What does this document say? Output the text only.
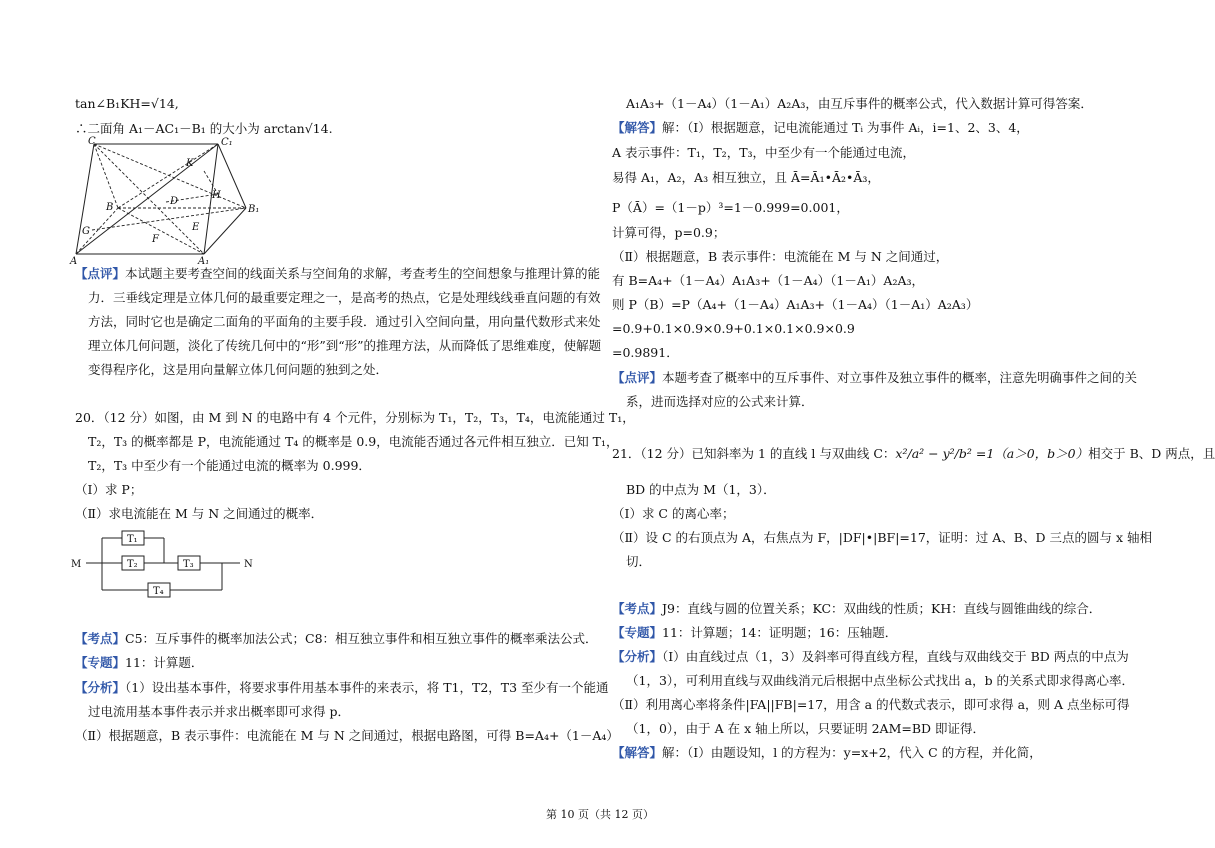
tan∠B₁KH=√14,
∴二面角 A₁－AC₁－B₁ 的大小为 arctan√14.
C	C₁
K
H
B
D
B₁
G	E
F
A	A₁
【点评】本试题主要考查空间的线面关系与空间角的求解，考查考生的空间想象与推理计算的能
力．三垂线定理是立体几何的最重要定理之一，是高考的热点，它是处理线线垂直问题的有效
方法，同时它也是确定二面角的平面角的主要手段．通过引入空间向量，用向量代数形式来处
理立体几何问题，淡化了传统几何中的“形”到“形”的推理方法，从而降低了思维难度，使解题
变得程序化，这是用向量解立体几何问题的独到之处．
20．（12 分）如图，由 M 到 N 的电路中有 4 个元件，分别标为 T₁，T₂，T₃，T₄，电流能通过 T₁，
T₂，T₃ 的概率都是 P，电流能通过 T₄ 的概率是 0.9，电流能否通过各元件相互独立．已知 T₁，
T₂，T₃ 中至少有一个能通过电流的概率为 0.999．
（Ⅰ）求 P；
（Ⅱ）求电流能在 M 与 N 之间通过的概率．
M	N
T₁
T₂	T₃
T₄
【考点】C5：互斥事件的概率加法公式；C8：相互独立事件和相互独立事件的概率乘法公式．
【专题】11：计算题．
【分析】（1）设出基本事件，将要求事件用基本事件的来表示，将 T1，T2，T3 至少有一个能通
过电流用基本事件表示并求出概率即可求得 p．
（Ⅱ）根据题意，B 表示事件：电流能在 M 与 N 之间通过，根据电路图，可得 B=A₄+（1－A₄）
A₁A₃+（1－A₄）（1－A₁）A₂A₃，由互斥事件的概率公式，代入数据计算可得答案．
【解答】解：（Ⅰ）根据题意，记电流能通过 Tᵢ 为事件 Aᵢ，i=1、2、3、4，
A 表示事件：T₁，T₂，T₃，中至少有一个能通过电流，
易得 A₁，A₂，A₃ 相互独立，且 Ā=Ā₁•Ā₂•Ā₃，
P（Ā）=（1－p）³=1－0.999=0.001，
计算可得，p=0.9；
（Ⅱ）根据题意，B 表示事件：电流能在 M 与 N 之间通过，
有 B=A₄+（1－A₄）A₁A₃+（1－A₄）（1－A₁）A₂A₃，
则 P（B）=P（A₄+（1－A₄）A₁A₃+（1－A₄）（1－A₁）A₂A₃）
=0.9+0.1×0.9×0.9+0.1×0.1×0.9×0.9
=0.9891．
【点评】本题考查了概率中的互斥事件、对立事件及独立事件的概率，注意先明确事件之间的关
系，进而选择对应的公式来计算．
21．（12 分）已知斜率为 1 的直线 l 与双曲线 C：x²/a² − y²/b² =1（a＞0，b＞0）相交于 B、D 两点，且
BD 的中点为 M（1，3）．
（Ⅰ）求 C 的离心率；
（Ⅱ）设 C 的右顶点为 A，右焦点为 F，|DF|•|BF|=17，证明：过 A、B、D 三点的圆与 x 轴相
切．
【考点】J9：直线与圆的位置关系；KC：双曲线的性质；KH：直线与圆锥曲线的综合．
【专题】11：计算题；14：证明题；16：压轴题．
【分析】（Ⅰ）由直线过点（1，3）及斜率可得直线方程，直线与双曲线交于 BD 两点的中点为
（1，3），可利用直线与双曲线消元后根据中点坐标公式找出 a，b 的关系式即求得离心率．
（Ⅱ）利用离心率将条件|FA||FB|=17，用含 a 的代数式表示，即可求得 a，则 A 点坐标可得
（1，0），由于 A 在 x 轴上所以，只要证明 2AM=BD 即证得．
【解答】解：（Ⅰ）由题设知，l 的方程为：y=x+2，代入 C 的方程，并化简，
第 10 页（共 12 页）
